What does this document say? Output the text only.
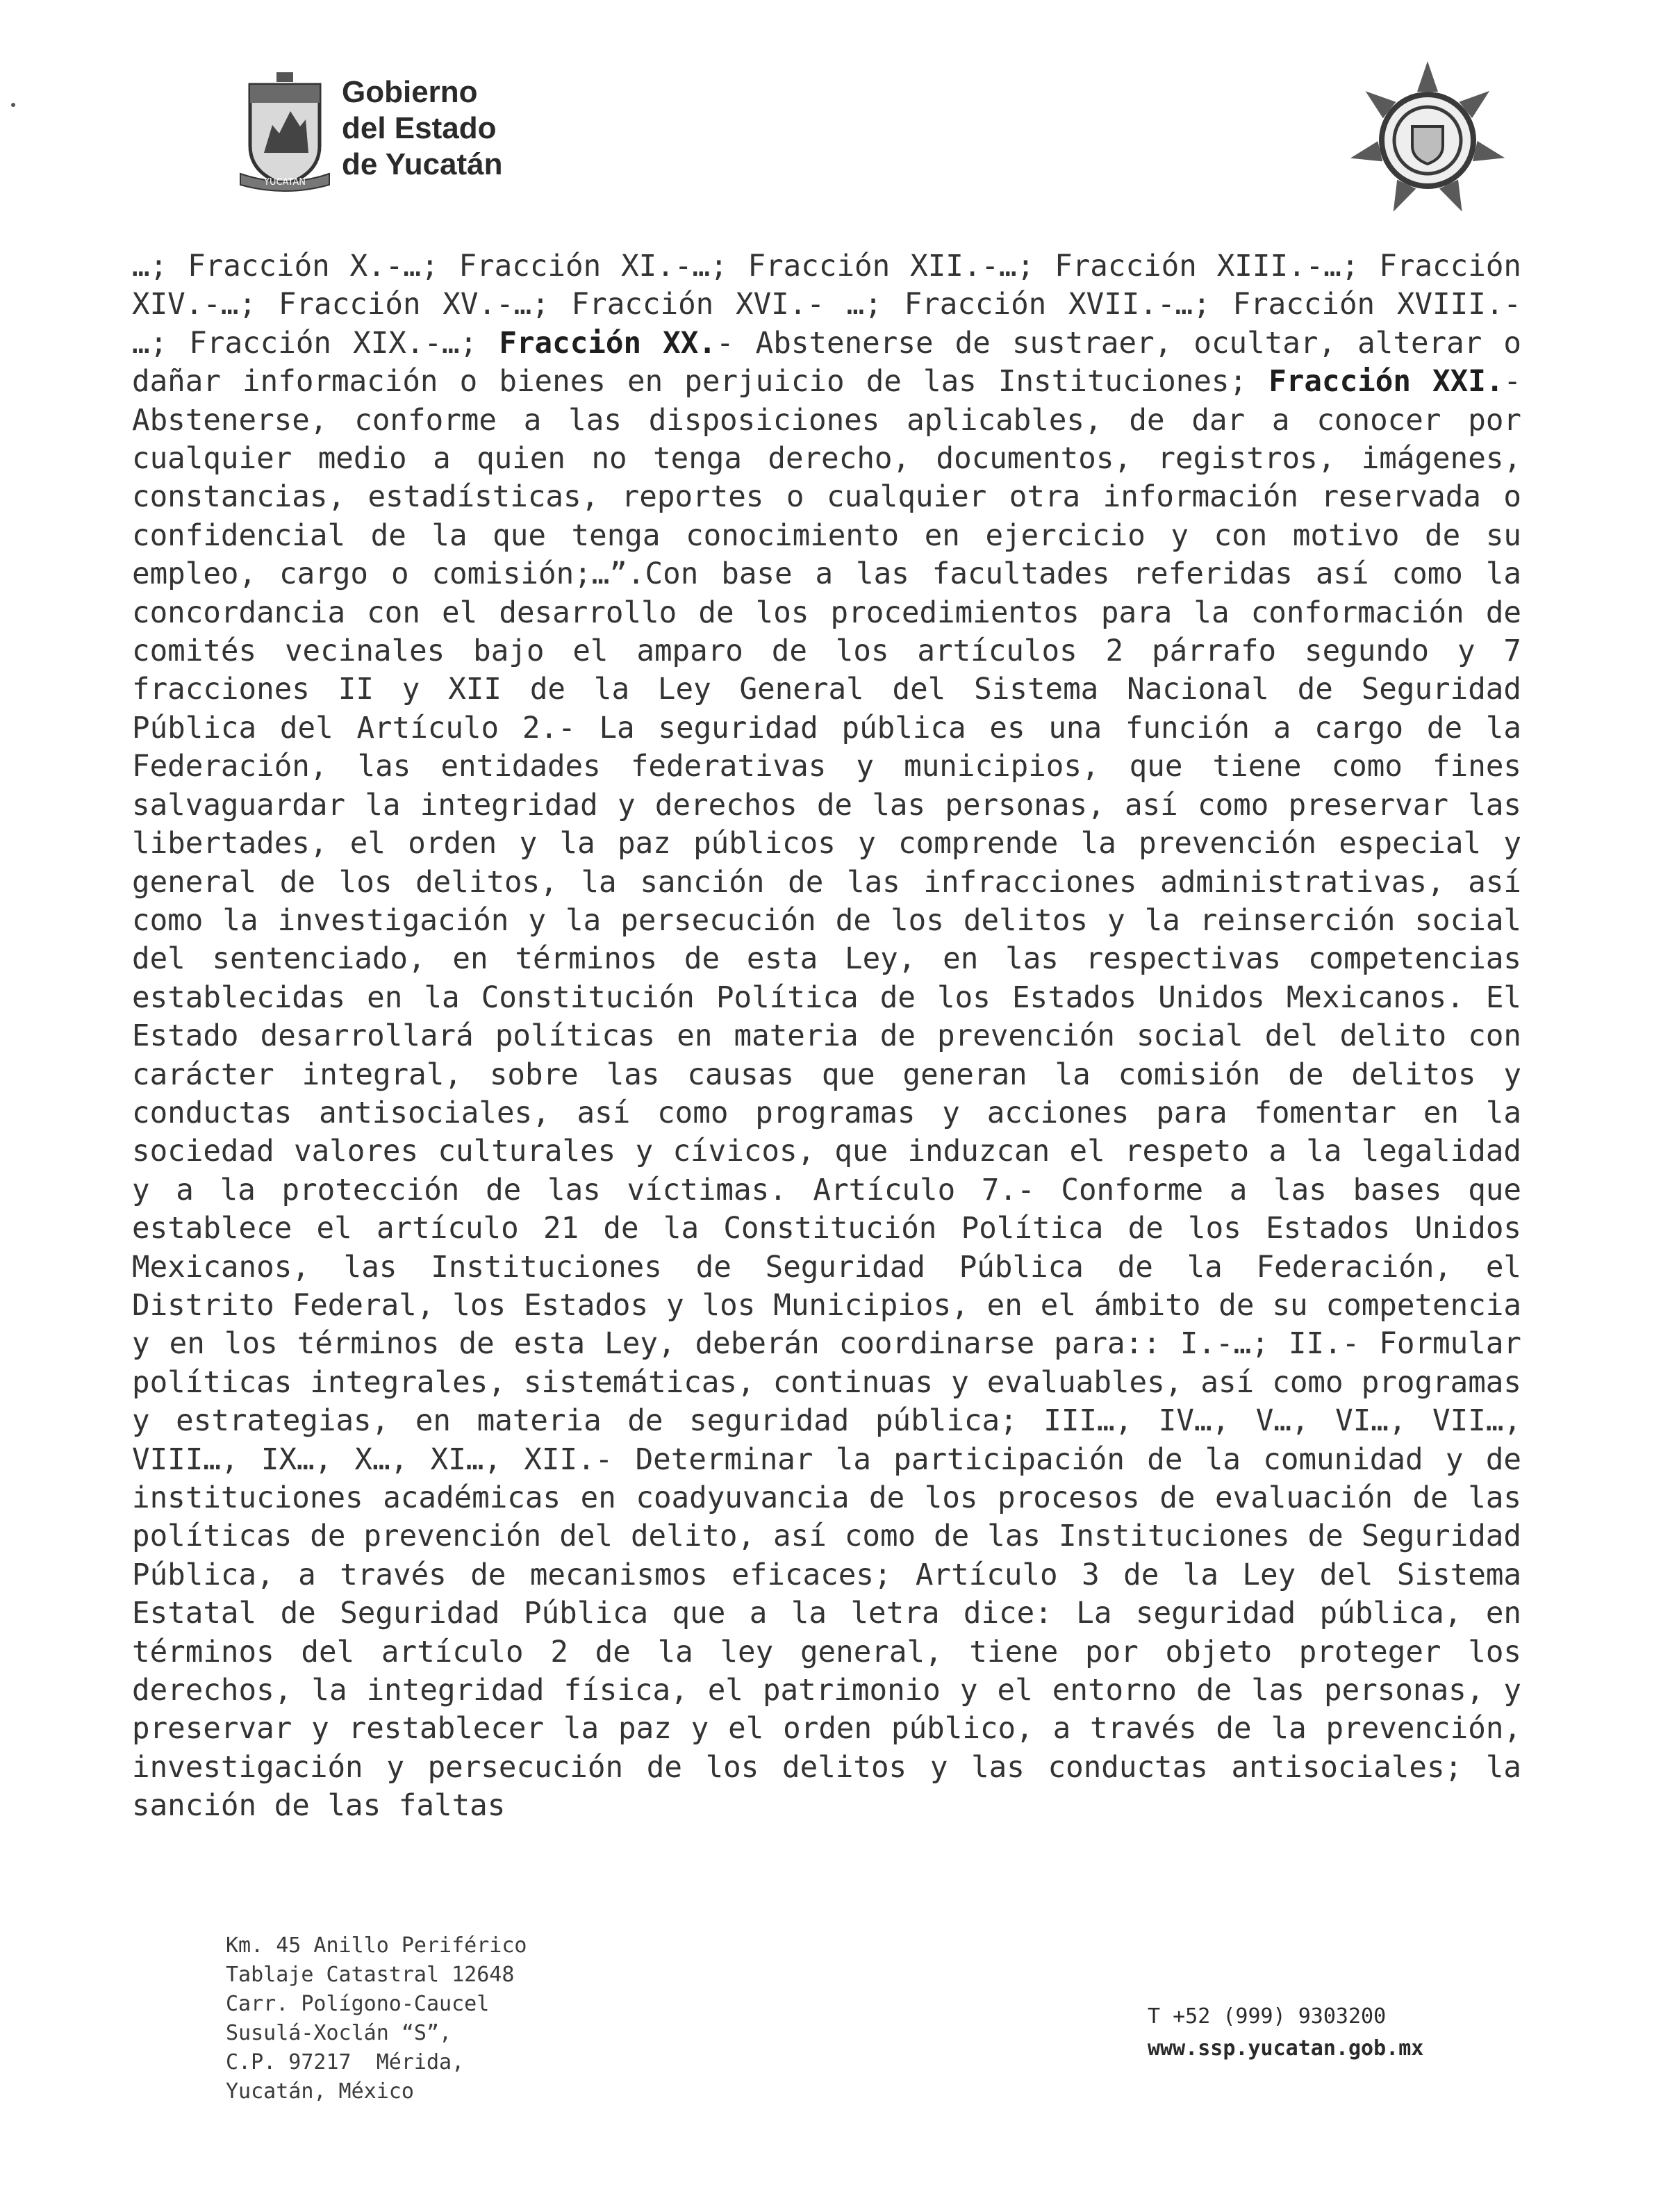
YUCATAN
Gobierno
del Estado
de Yucatán

…; Fracción X.-…; Fracción XI.-…; Fracción XII.-…; Fracción XIII.-…; Fracción XIV.-…; Fracción XV.-…; Fracción XVI.- …; Fracción XVII.-…; Fracción XVIII.- …; Fracción XIX.-…; Fracción XX.- Abstenerse de sustraer, ocultar, alterar o dañar información o bienes en perjuicio de las Instituciones; Fracción XXI.- Abstenerse, conforme a las disposiciones aplicables, de dar a conocer por cualquier medio a quien no tenga derecho, documentos, registros, imágenes, constancias, estadísticas, reportes o cualquier otra información reservada o confidencial de la que tenga conocimiento en ejercicio y con motivo de su empleo, cargo o comisión;…”.Con base a las facultades referidas así como la concordancia con el desarrollo de los procedimientos para la conformación de comités vecinales bajo el amparo de los artículos 2 párrafo segundo y 7 fracciones II y XII de la Ley General del Sistema Nacional de Seguridad Pública del Artículo 2.- La seguridad pública es una función a cargo de la Federación, las entidades federativas y municipios, que tiene como fines salvaguardar la integridad y derechos de las personas, así como preservar las libertades, el orden y la paz públicos y comprende la prevención especial y general de los delitos, la sanción de las infracciones administrativas, así como la investigación y la persecución de los delitos y la reinserción social del sentenciado, en términos de esta Ley, en las respectivas competencias establecidas en la Constitución Política de los Estados Unidos Mexicanos. El Estado desarrollará políticas en materia de prevención social del delito con carácter integral, sobre las causas que generan la comisión de delitos y conductas antisociales, así como programas y acciones para fomentar en la sociedad valores culturales y cívicos, que induzcan el respeto a la legalidad y a la protección de las víctimas. Artículo 7.- Conforme a las bases que establece el artículo 21 de la Constitución Política de los Estados Unidos Mexicanos, las Instituciones de Seguridad Pública de la Federación, el Distrito Federal, los Estados y los Municipios, en el ámbito de su competencia y en los términos de esta Ley, deberán coordinarse para:: I.-…; II.- Formular políticas integrales, sistemáticas, continuas y evaluables, así como programas y estrategias, en materia de seguridad pública; III…, IV…, V…, VI…, VII…, VIII…, IX…, X…, XI…, XII.- Determinar la participación de la comunidad y de instituciones académicas en coadyuvancia de los procesos de evaluación de las políticas de prevención del delito, así como de las Instituciones de Seguridad Pública, a través de mecanismos eficaces; Artículo 3 de la Ley del Sistema Estatal de Seguridad Pública que a la letra dice: La seguridad pública, en términos del artículo 2 de la ley general, tiene por objeto proteger los derechos, la integridad física, el patrimonio y el entorno de las personas, y preservar y restablecer la paz y el orden público, a través de la prevención, investigación y persecución de los delitos y las conductas antisociales; la sanción de las faltas

Km. 45 Anillo Periférico
Tablaje Catastral 12648
Carr. Polígono-Caucel
Susulá-Xoclán “S”,
C.P. 97217  Mérida,
Yucatán, México
T +52 (999) 9303200
www.ssp.yucatan.gob.mx
